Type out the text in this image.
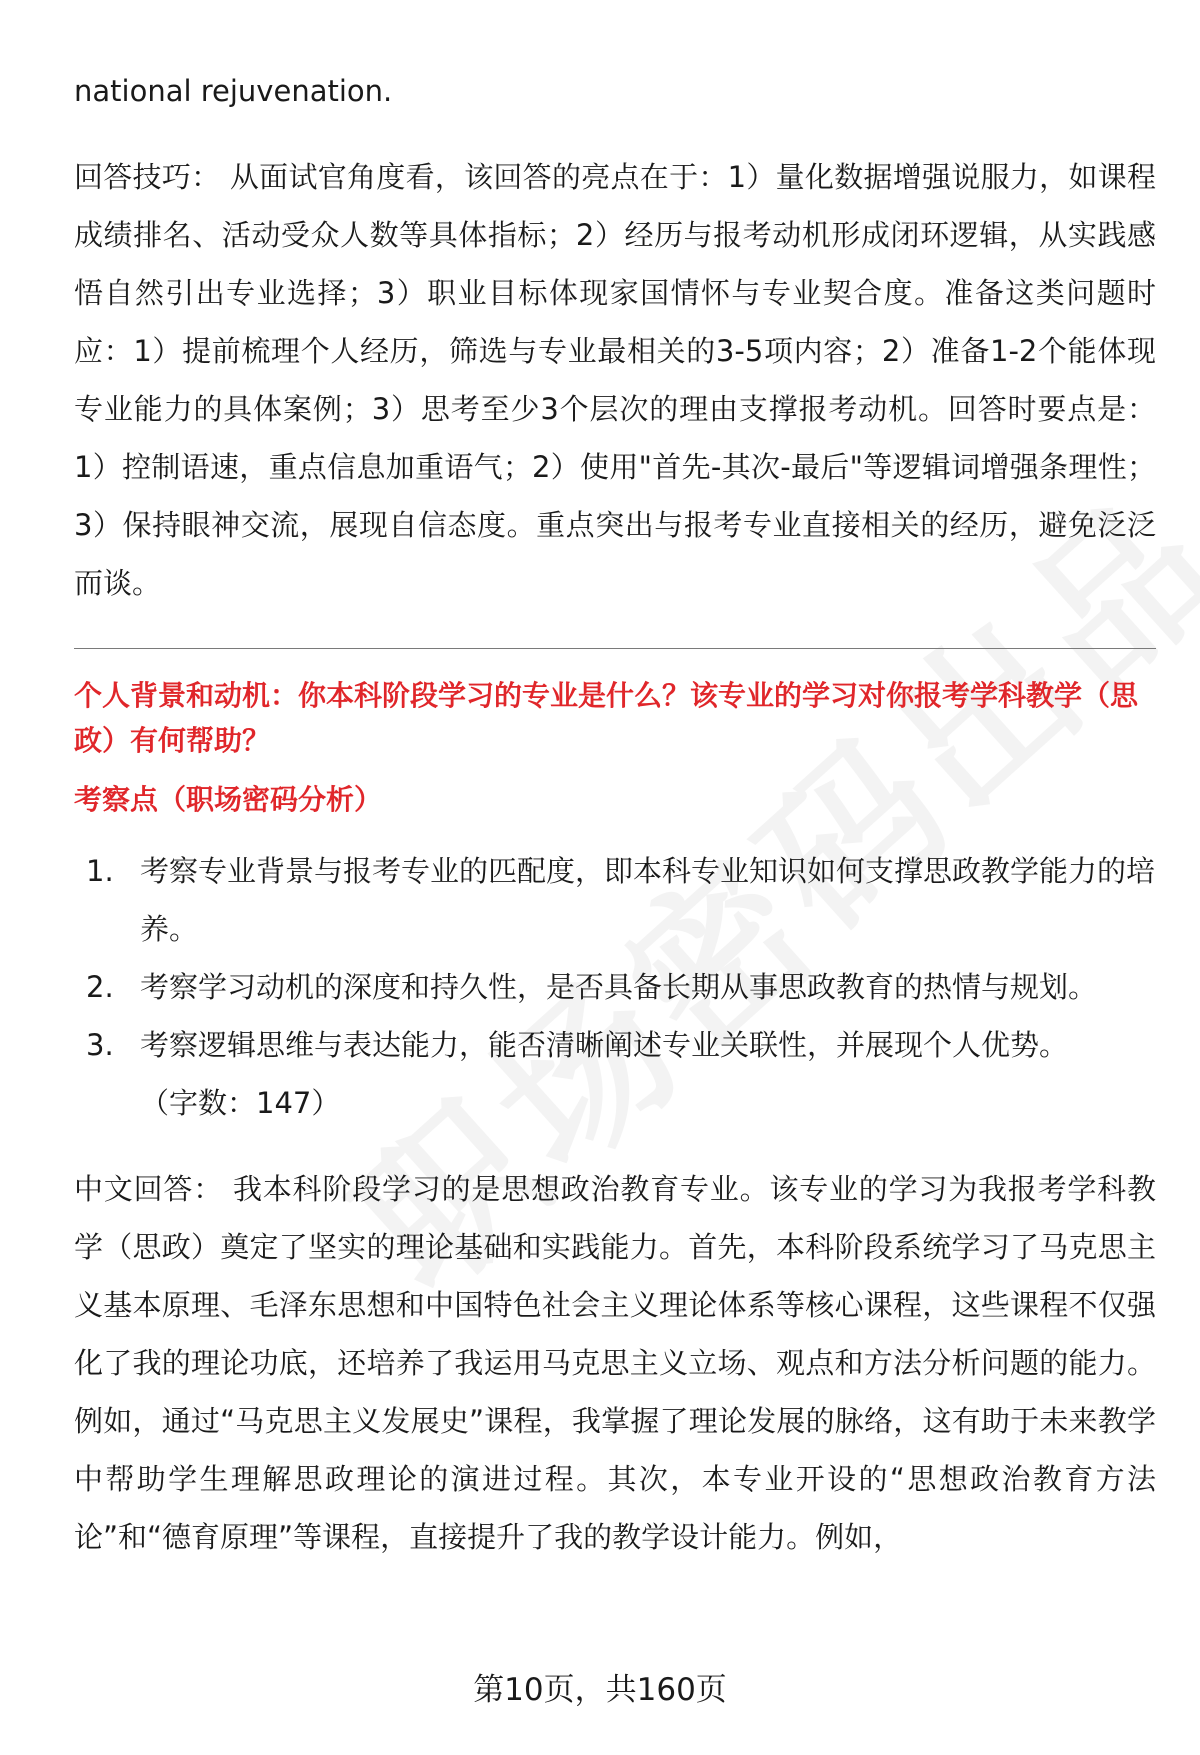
national rejuvenation.

回答技巧： 从面试官角度看，该回答的亮点在于：1）量化数据增强说服力，如课程成绩排名、活动受众人数等具体指标；2）经历与报考动机形成闭环逻辑，从实践感悟自然引出专业选择；3）职业目标体现家国情怀与专业契合度。准备这类问题时应：1）提前梳理个人经历，筛选与专业最相关的3-5项内容；2）准备1-2个能体现专业能力的具体案例；3）思考至少3个层次的理由支撑报考动机。回答时要点是：1）控制语速，重点信息加重语气；2）使用"首先-其次-最后"等逻辑词增强条理性；3）保持眼神交流，展现自信态度。重点突出与报考专业直接相关的经历，避免泛泛而谈。

个人背景和动机：你本科阶段学习的专业是什么？该专业的学习对你报考学科教学（思政）有何帮助？

考察点（职场密码分析）

1. 考察专业背景与报考专业的匹配度，即本科专业知识如何支撑思政教学能力的培养。
2. 考察学习动机的深度和持久性，是否具备长期从事思政教育的热情与规划。
3. 考察逻辑思维与表达能力，能否清晰阐述专业关联性，并展现个人优势。

（字数：147）

中文回答： 我本科阶段学习的是思想政治教育专业。该专业的学习为我报考学科教学（思政）奠定了坚实的理论基础和实践能力。首先，本科阶段系统学习了马克思主义基本原理、毛泽东思想和中国特色社会主义理论体系等核心课程，这些课程不仅强化了我的理论功底，还培养了我运用马克思主义立场、观点和方法分析问题的能力。例如，通过“马克思主义发展史”课程，我掌握了理论发展的脉络，这有助于未来教学中帮助学生理解思政理论的演进过程。其次，本专业开设的“思想政治教育方法论”和“德育原理”等课程，直接提升了我的教学设计能力。例如，

第10页，共160页
